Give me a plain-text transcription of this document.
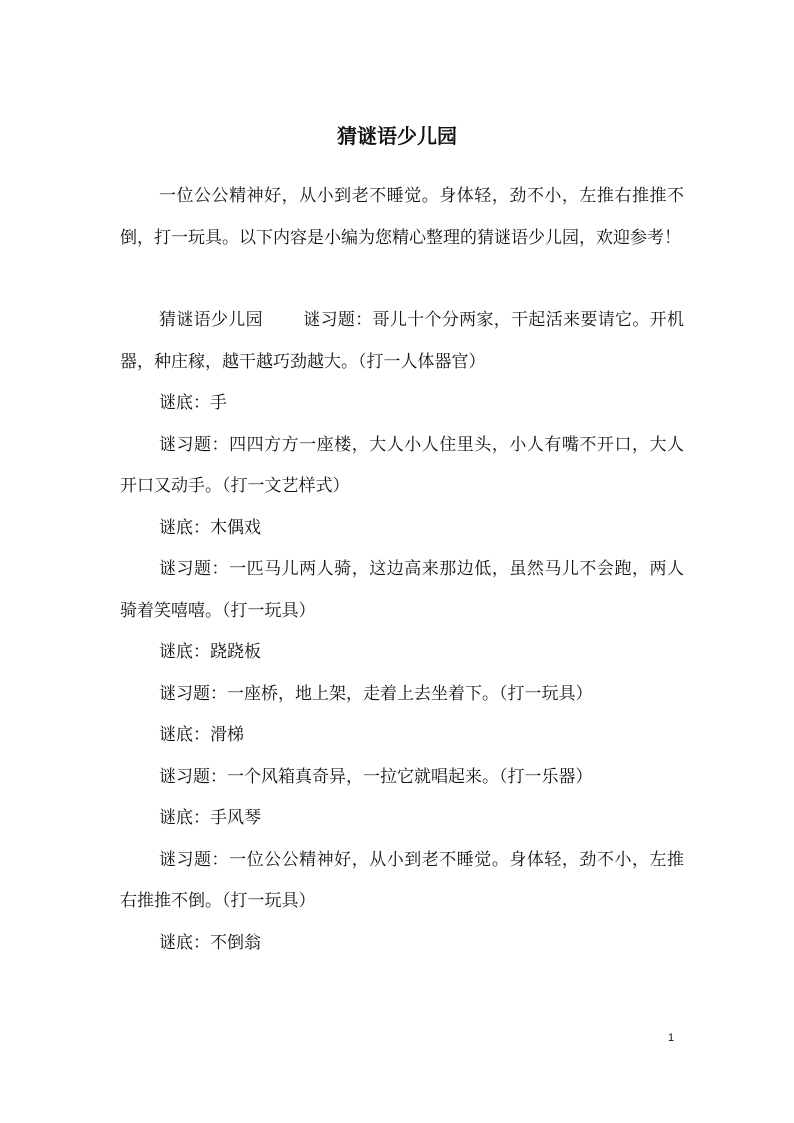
猜谜语少儿园

一位公公精神好，从小到老不睡觉。身体轻，劲不小，左推右推推不倒，打一玩具。以下内容是小编为您精心整理的猜谜语少儿园，欢迎参考！

猜谜语少儿园 谜习题：哥儿十个分两家，干起活来要请它。开机器，种庄稼，越干越巧劲越大。（打一人体器官）

谜底：手

谜习题：四四方方一座楼，大人小人住里头，小人有嘴不开口，大人开口又动手。（打一文艺样式）

谜底：木偶戏

谜习题：一匹马儿两人骑，这边高来那边低，虽然马儿不会跑，两人骑着笑嘻嘻。（打一玩具）

谜底：跷跷板

谜习题：一座桥，地上架，走着上去坐着下。（打一玩具）

谜底：滑梯

谜习题：一个风箱真奇异，一拉它就唱起来。（打一乐器）

谜底：手风琴

谜习题：一位公公精神好，从小到老不睡觉。身体轻，劲不小，左推右推推不倒。（打一玩具）

谜底：不倒翁

1
